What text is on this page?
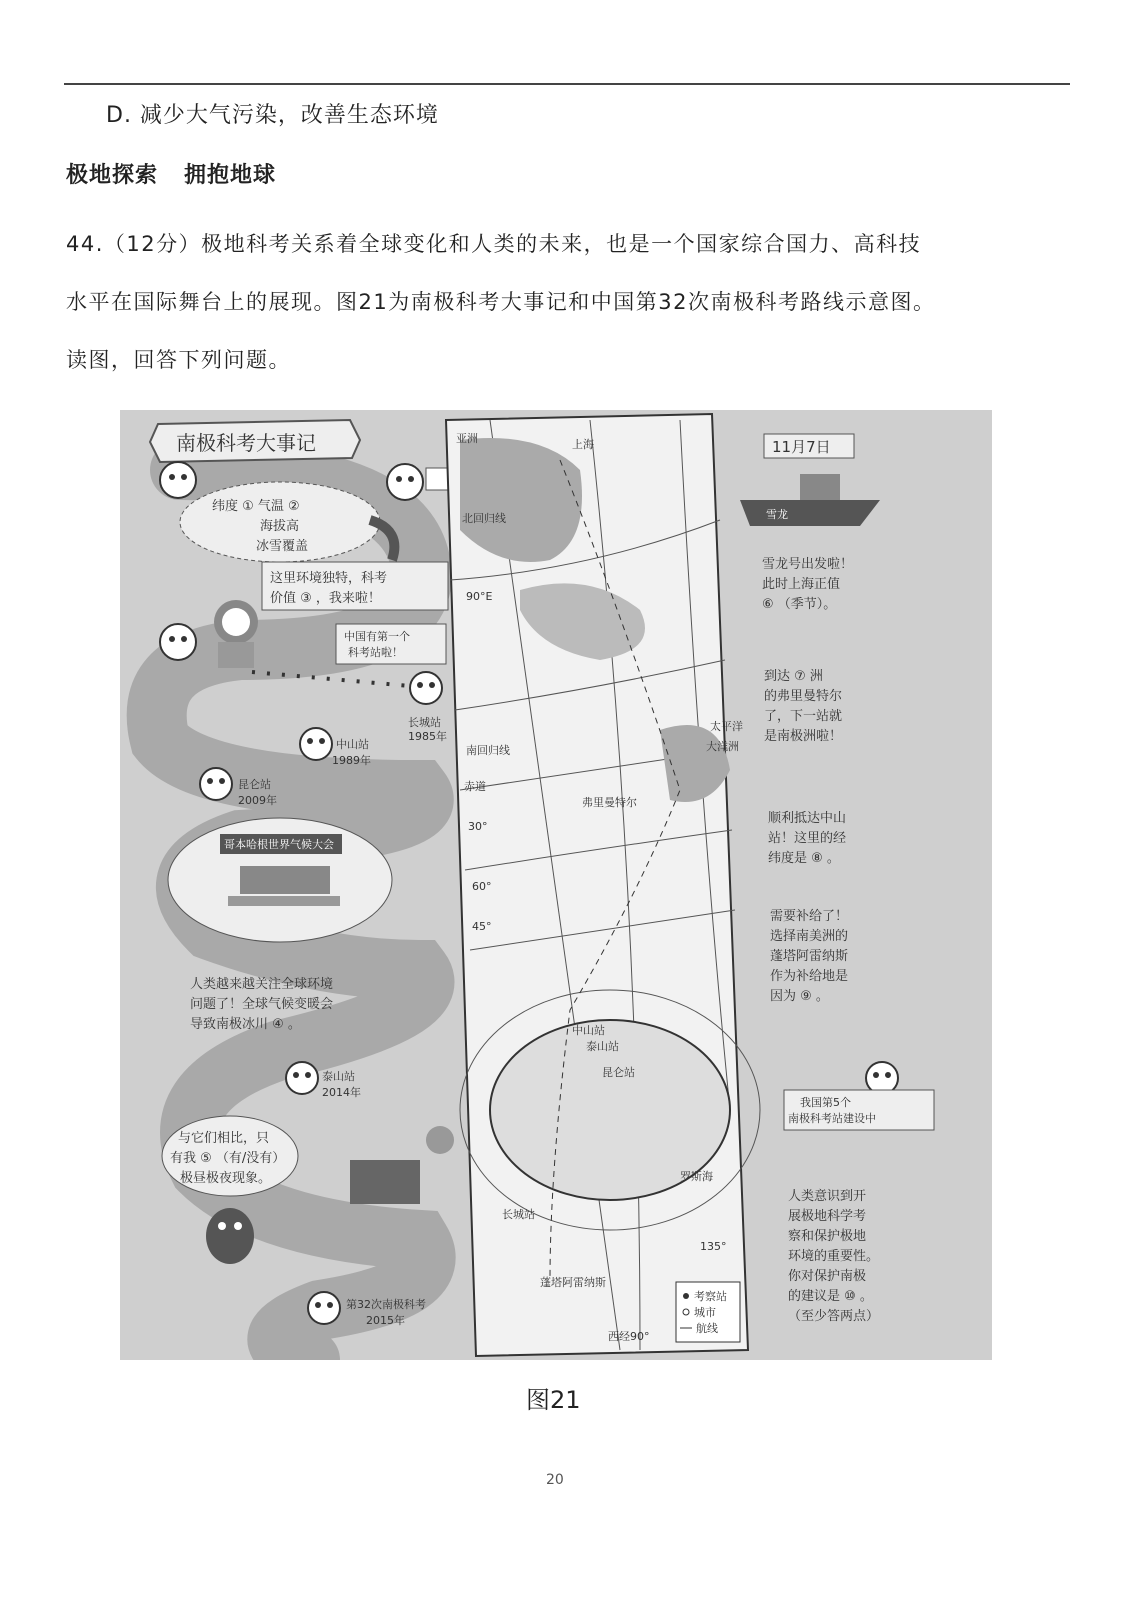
D. 减少大气污染，改善生态环境
极地探索 拥抱地球
44.（12分）极地科考关系着全球变化和人类的未来，也是一个国家综合国力、高科技
水平在国际舞台上的展现。图21为南极科考大事记和中国第32次南极科考路线示意图。
读图，回答下列问题。
南极科考大事记
纬度 ① 气温 ②
海拔高
冰雪覆盖
这里环境独特，科考
价值 ③ ，我来啦！
中国有第一个
科考站啦！
长城站
1985年
中山站
1989年
昆仑站
2009年
哥本哈根世界气候大会
人类越来越关注全球环境
问题了！全球气候变暖会
导致南极冰川 ④ 。
泰山站
2014年
与它们相比，只
有我 ⑤ （有/没有）
极昼极夜现象。
第32次南极科考
2015年
亚洲	上海
太平洋
大洋洲
弗里曼特尔
中山站
泰山站
昆仑站
长城站
罗斯海
蓬塔阿雷纳斯
北回归线
赤道
南回归线
90°E
135°
45°
60°
30°
西经90°
考察站
城市
航线
11月7日
雪龙
雪龙号出发啦！
此时上海正值
⑥ （季节）。
到达 ⑦ 洲
的弗里曼特尔
了，下一站就
是南极洲啦！
顺利抵达中山
站！这里的经
纬度是 ⑧ 。
需要补给了！
选择南美洲的
蓬塔阿雷纳斯
作为补给地是
因为 ⑨ 。
我国第5个
南极科考站建设中
人类意识到开
展极地科学考
察和保护极地
环境的重要性。
你对保护南极
的建议是 ⑩ 。
（至少答两点）
图21
20
